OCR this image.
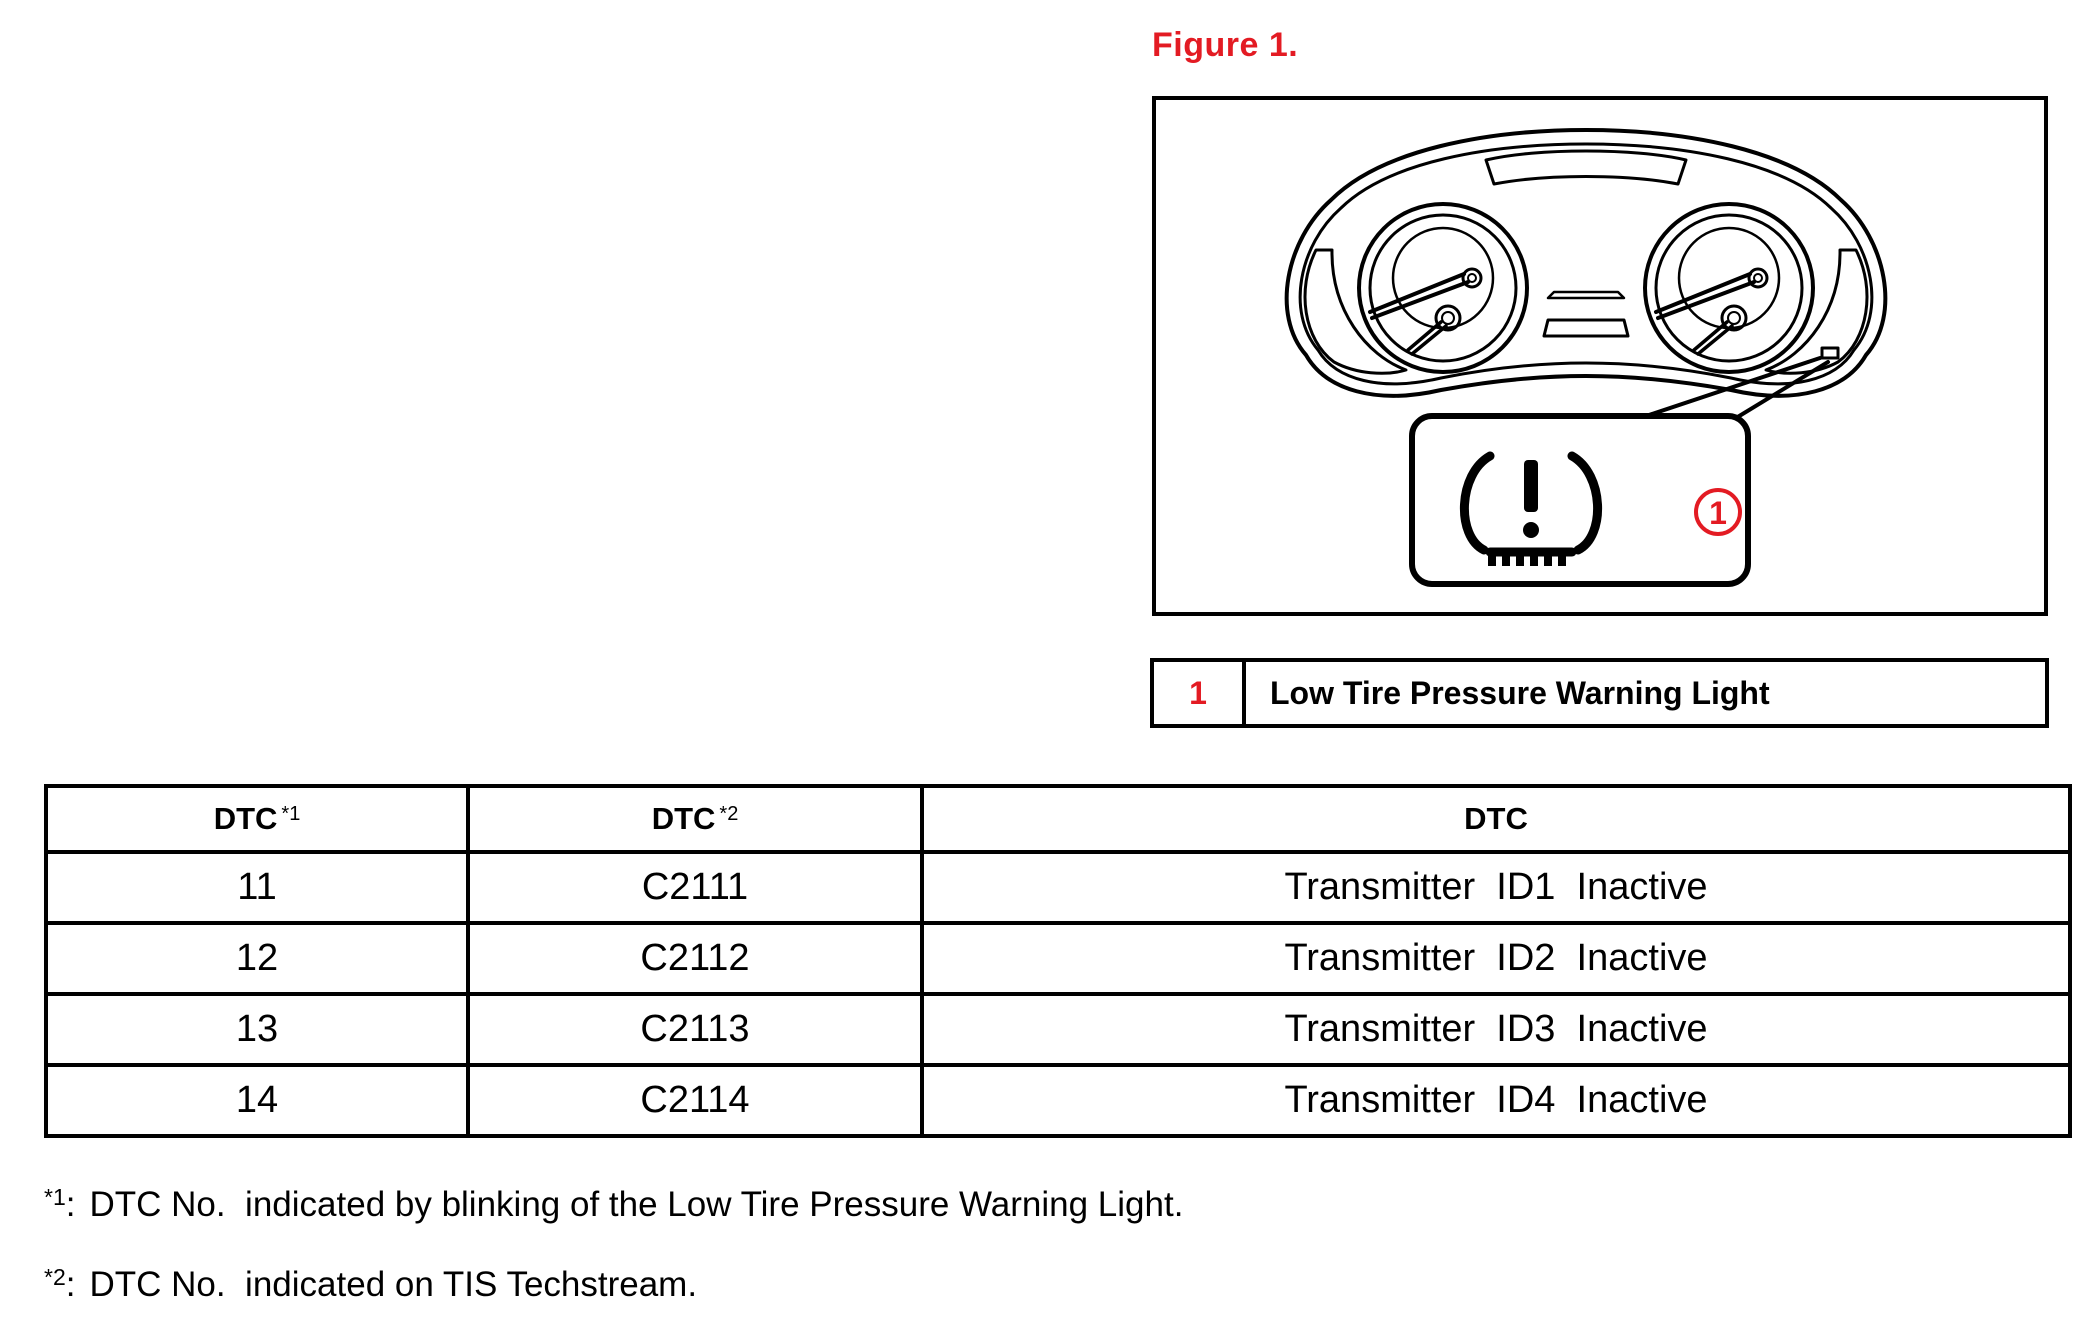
Figure 1.
1
1	Low Tire Pressure Warning Light
DTC $^{*1}$	DTC $^{*2}$	DTC
11	C2111	Transmitter  ID1  Inactive
12	C2112	Transmitter  ID2  Inactive
13	C2113	Transmitter  ID3  Inactive
14	C2114	Transmitter  ID4  Inactive
$^{*1}$: DTC No.  indicated by blinking of the Low Tire Pressure Warning Light.
$^{*2}$: DTC No.  indicated on TIS Techstream.
